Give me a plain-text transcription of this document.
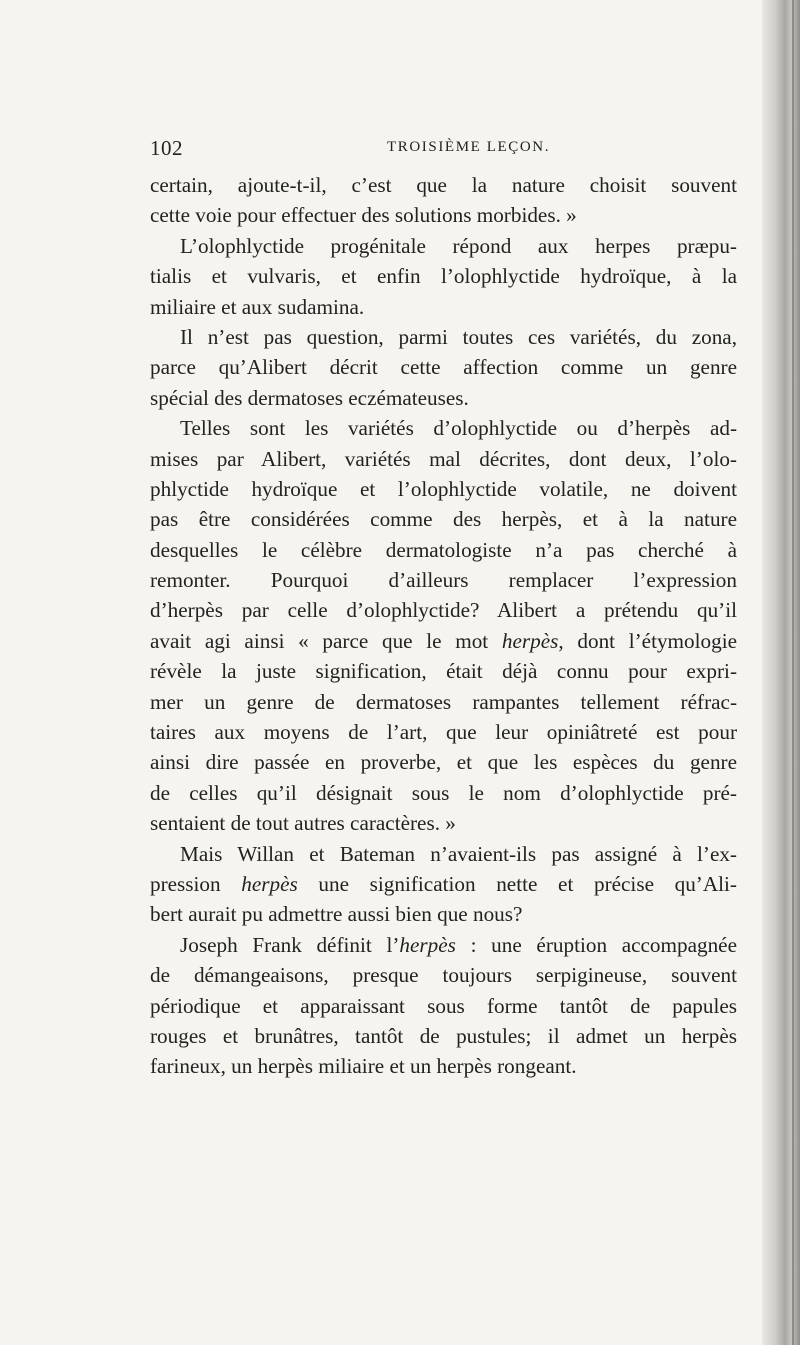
102	TROISIÈME LEÇON.
certain, ajoute-t-il, c’est que la nature choisit souvent
cette voie pour effectuer des solutions morbides. »
L’olophlyctide progénitale répond aux herpes præpu-
tialis et vulvaris, et enfin l’olophlyctide hydroïque, à la
miliaire et aux sudamina.
Il n’est pas question, parmi toutes ces variétés, du zona,
parce qu’Alibert décrit cette affection comme un genre
spécial des dermatoses eczémateuses.
Telles sont les variétés d’olophlyctide ou d’herpès ad-
mises par Alibert, variétés mal décrites, dont deux, l’olo-
phlyctide hydroïque et l’olophlyctide volatile, ne doivent
pas être considérées comme des herpès, et à la nature
desquelles le célèbre dermatologiste n’a pas cherché à
remonter. Pourquoi d’ailleurs remplacer l’expression
d’herpès par celle d’olophlyctide? Alibert a prétendu qu’il
avait agi ainsi « parce que le mot herpès, dont l’étymologie
révèle la juste signification, était déjà connu pour expri-
mer un genre de dermatoses rampantes tellement réfrac-
taires aux moyens de l’art, que leur opiniâtreté est pour
ainsi dire passée en proverbe, et que les espèces du genre
de celles qu’il désignait sous le nom d’olophlyctide pré-
sentaient de tout autres caractères. »
Mais Willan et Bateman n’avaient-ils pas assigné à l’ex-
pression herpès une signification nette et précise qu’Ali-
bert aurait pu admettre aussi bien que nous?
Joseph Frank définit l’herpès : une éruption accompagnée
de démangeaisons, presque toujours serpigineuse, souvent
périodique et apparaissant sous forme tantôt de papules
rouges et brunâtres, tantôt de pustules; il admet un herpès
farineux, un herpès miliaire et un herpès rongeant.
